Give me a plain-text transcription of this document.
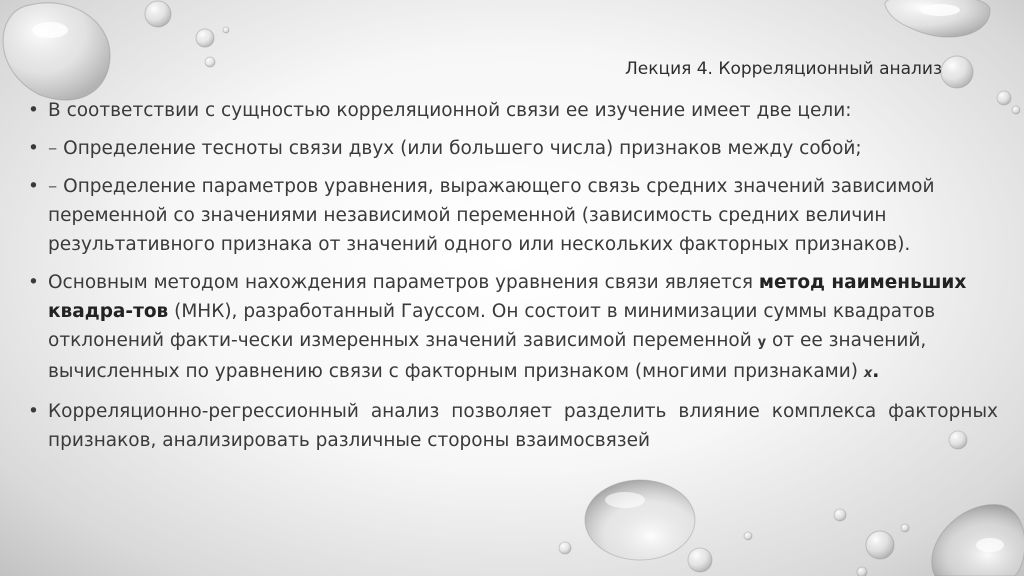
Лекция 4. Корреляционный анализ
• В соответствии с сущностью корреляционной связи ее изучение имеет две цели:
• – Определение тесноты связи двух (или большего числа) признаков между собой;
• – Определение параметров уравнения, выражающего связь средних значений зависимой переменной со значениями независимой переменной (зависимость средних величин результативного признака от значений одного или нескольких факторных признаков).
• Основным методом нахождения параметров уравнения связи является метод наименьших квадра-тов (МНК), разработанный Гауссом. Он состоит в минимизации суммы квадратов отклонений факти-чески измеренных значений зависимой переменной y от ее значений, вычисленных по уравнению связи с факторным признаком (многими признаками) x.
• Корреляционно-регрессионный анализ позволяет разделить влияние комплекса факторных признаков, анализировать различные стороны взаимосвязей
